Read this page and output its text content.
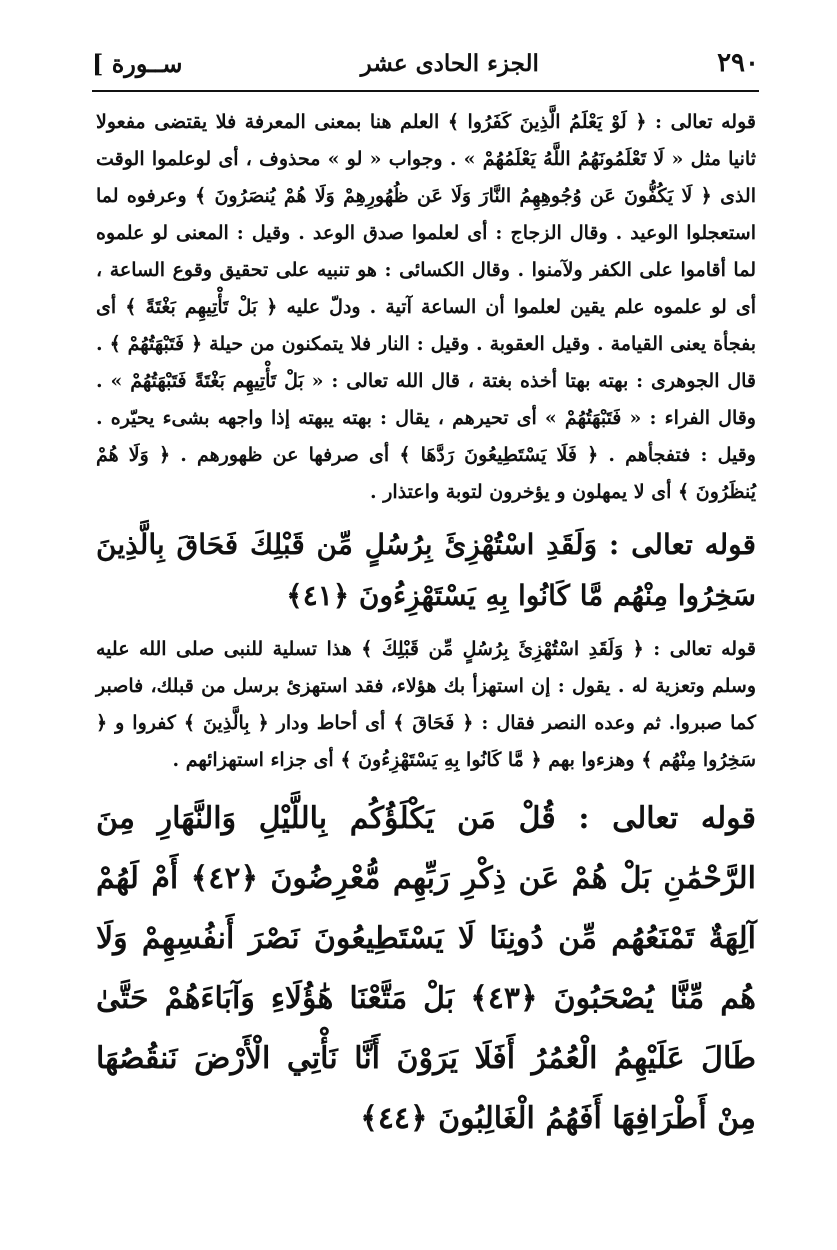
[ ســورة	الجزء الحادى عشر	٢٩٠

قوله تعالى : ﴿ لَوْ يَعْلَمُ الَّذِينَ كَفَرُوا ﴾ العلم هنا بمعنى المعرفة فلا يقتضى مفعولا ثانيا مثل « لَا تَعْلَمُونَهُمُ اللَّهُ يَعْلَمُهُمْ » . وجواب « لو » محذوف ، أى لوعلموا الوقت الذى ﴿ لَا يَكُفُّونَ عَن وُجُوهِهِمُ النَّارَ وَلَا عَن ظُهُورِهِمْ وَلَا هُمْ يُنصَرُونَ ﴾ وعرفوه لما استعجلوا الوعيد . وقال الزجاج : أى لعلموا صدق الوعد . وقيل : المعنى لو علموه لما أقاموا على الكفر ولآمنوا . وقال الكسائى : هو تنبيه على تحقيق وقوع الساعة ، أى لو علموه علم يقين لعلموا أن الساعة آتية . ودلّ عليه ﴿ بَلْ تَأْتِيهِم بَغْتَةً ﴾ أى بفجأة يعنى القيامة . وقيل العقوبة . وقيل : النار فلا يتمكنون من حيلة ﴿ فَتَبْهَتُهُمْ ﴾ . قال الجوهرى : بهته بهتا أخذه بغتة ، قال الله تعالى : « بَلْ تَأْتِيهِم بَغْتَةً فَتَبْهَتُهُمْ » . وقال الفراء : « فَتَبْهَتُهُمْ » أى تحيرهم ، يقال : بهته يبهته إذا واجهه بشىء يحيّره . وقيل : فتفجأهم . ﴿ فَلَا يَسْتَطِيعُونَ رَدَّهَا ﴾ أى صرفها عن ظهورهم . ﴿ وَلَا هُمْ يُنظَرُونَ ﴾ أى لا يمهلون و يؤخرون لتوبة واعتذار .

قوله تعالى : وَلَقَدِ اسْتُهْزِئَ بِرُسُلٍ مِّن قَبْلِكَ فَحَاقَ بِالَّذِينَ سَخِرُوا مِنْهُم مَّا كَانُوا بِهِ يَسْتَهْزِءُونَ ﴿٤١﴾

قوله تعالى : ﴿ وَلَقَدِ اسْتُهْزِئَ بِرُسُلٍ مِّن قَبْلِكَ ﴾ هذا تسلية للنبى صلى الله عليه وسلم وتعزية له . يقول : إن استهزأ بك هؤلاء، فقد استهزئ برسل من قبلك، فاصبر كما صبروا. ثم وعده النصر فقال : ﴿ فَحَاقَ ﴾ أى أحاط ودار ﴿ بِالَّذِينَ ﴾ كفروا و ﴿ سَخِرُوا مِنْهُم ﴾ وهزءوا بهم ﴿ مَّا كَانُوا بِهِ يَسْتَهْزِءُونَ ﴾ أى جزاء استهزائهم .

قوله تعالى : قُلْ مَن يَكْلَؤُكُم بِاللَّيْلِ وَالنَّهَارِ مِنَ الرَّحْمَٰنِ بَلْ هُمْ عَن ذِكْرِ رَبِّهِم مُّعْرِضُونَ ﴿٤٢﴾ أَمْ لَهُمْ آلِهَةٌ تَمْنَعُهُم مِّن دُونِنَا لَا يَسْتَطِيعُونَ نَصْرَ أَنفُسِهِمْ وَلَا هُم مِّنَّا يُصْحَبُونَ ﴿٤٣﴾ بَلْ مَتَّعْنَا هَٰؤُلَاءِ وَآبَاءَهُمْ حَتَّىٰ طَالَ عَلَيْهِمُ الْعُمُرُ أَفَلَا يَرَوْنَ أَنَّا نَأْتِي الْأَرْضَ نَنقُصُهَا مِنْ أَطْرَافِهَا أَفَهُمُ الْغَالِبُونَ ﴿٤٤﴾
